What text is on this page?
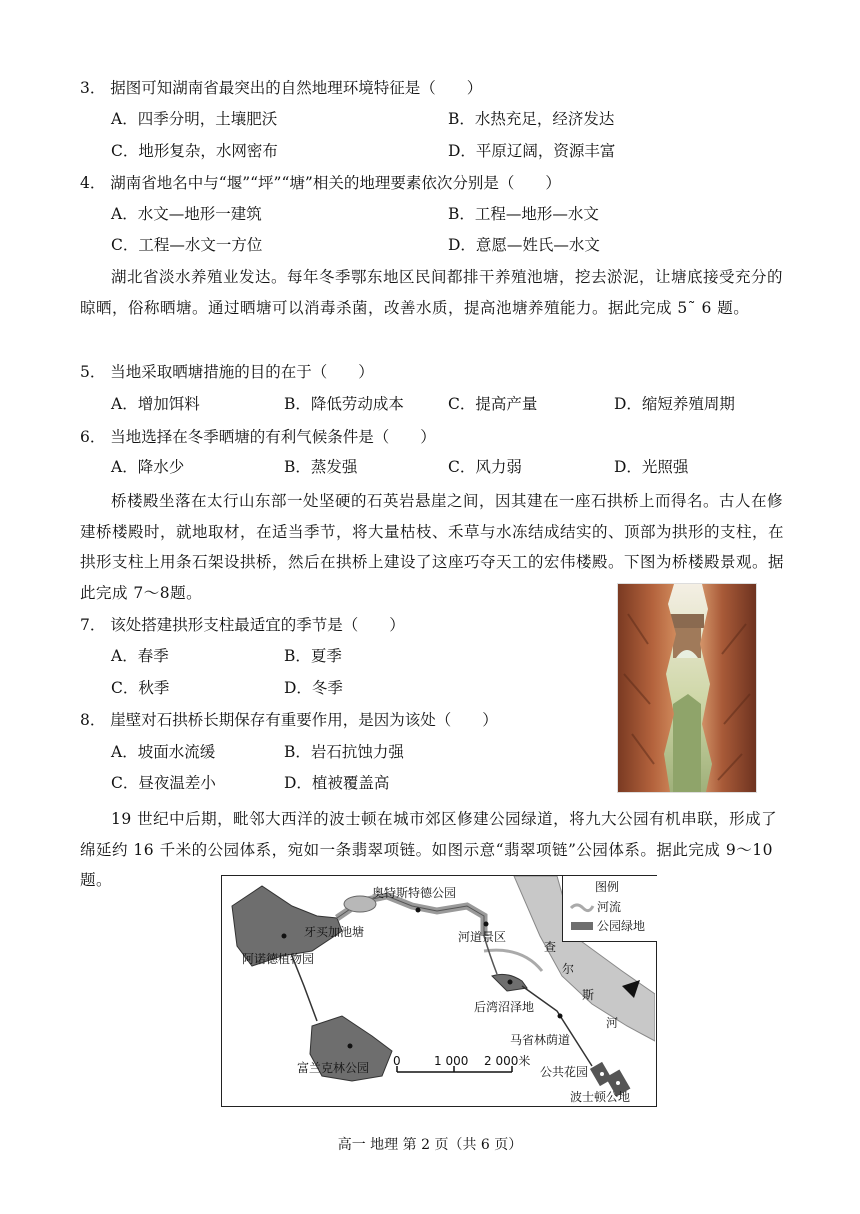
3． 据图可知湖南省最突出的自然地理环境特征是（　　）
A．四季分明，土壤肥沃	B．水热充足，经济发达
C．地形复杂，水网密布	D．平原辽阔，资源丰富
4． 湖南省地名中与“堰”“坪”“塘”相关的地理要素依次分别是（　　）
A．水文—地形一建筑	B．工程—地形—水文
C．工程—水文一方位	D．意愿—姓氏—水文
湖北省淡水养殖业发达。每年冬季鄂东地区民间都排干养殖池塘，挖去淤泥，让塘底接受充分的晾晒，俗称晒塘。通过晒塘可以消毒杀菌，改善水质，提高池塘养殖能力。据此完成 5˜ 6 题。
5． 当地采取晒塘措施的目的在于（　　）
A．增加饵料	B．降低劳动成本	C．提高产量	D．缩短养殖周期
6． 当地选择在冬季晒塘的有利气候条件是（　　）
A．降水少	B．蒸发强	C．风力弱	D．光照强
桥楼殿坐落在太行山东部一处坚硬的石英岩悬崖之间，因其建在一座石拱桥上而得名。古人在修建桥楼殿时，就地取材，在适当季节，将大量枯枝、禾草与水冻结成结实的、顶部为拱形的支柱，在拱形支柱上用条石架设拱桥，然后在拱桥上建设了这座巧夺天工的宏伟楼殿。下图为桥楼殿景观。据此完成 7～8题。
7． 该处搭建拱形支柱最适宜的季节是（　　）
A．春季	B．夏季
C．秋季	D．冬季
8． 崖壁对石拱桥长期保存有重要作用，是因为该处（　　）
A．坡面水流缓	B．岩石抗蚀力强
C．昼夜温差小	D．植被覆盖高
19 世纪中后期，毗邻大西洋的波士顿在城市郊区修建公园绿道，将九大公园有机串联，形成了绵延约 16 千米的公园体系，宛如一条翡翠项链。如图示意“翡翠项链”公园体系。据此完成 9～10 题。	图例
河流
公园绿地
奥特斯特德公园
牙买加池塘	河道景区
阿诺德植物园
后湾沼泽地
马省林荫道
富兰克林公园	公共花园
波士顿公地
查
尔
斯
河
0	1 000 2 000米
高一 地理 第 2 页（共 6 页）
